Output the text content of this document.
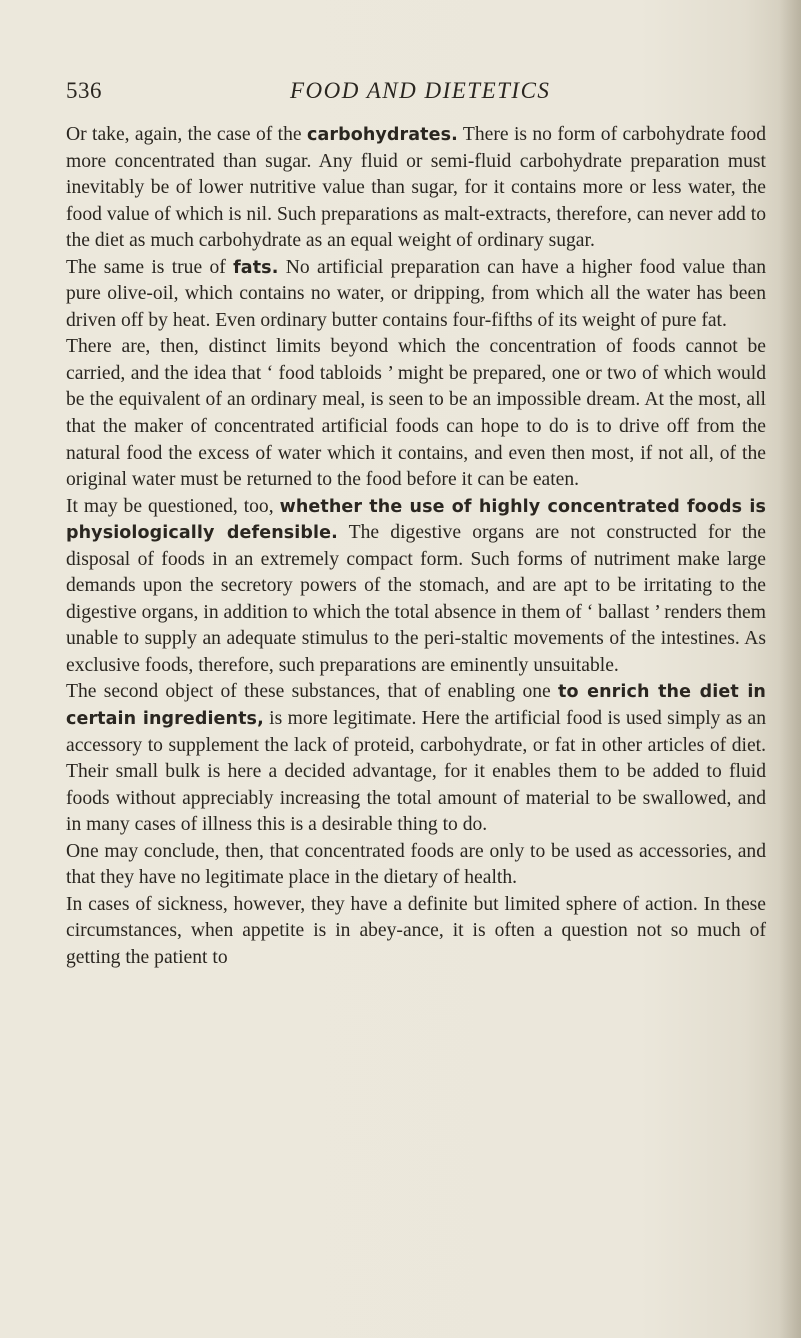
536	FOOD AND DIETETICS

Or take, again, the case of the carbohydrates. There is no form of carbohydrate food more concentrated than sugar. Any fluid or semi-fluid carbohydrate preparation must inevitably be of lower nutritive value than sugar, for it contains more or less water, the food value of which is nil. Such preparations as malt-extracts, therefore, can never add to the diet as much carbohydrate as an equal weight of ordinary sugar.

The same is true of fats. No artificial preparation can have a higher food value than pure olive-oil, which contains no water, or dripping, from which all the water has been driven off by heat. Even ordinary butter contains four-fifths of its weight of pure fat.

There are, then, distinct limits beyond which the concentration of foods cannot be carried, and the idea that ‘ food tabloids ’ might be prepared, one or two of which would be the equivalent of an ordinary meal, is seen to be an impossible dream. At the most, all that the maker of concentrated artificial foods can hope to do is to drive off from the natural food the excess of water which it contains, and even then most, if not all, of the original water must be returned to the food before it can be eaten.

It may be questioned, too, whether the use of highly concentrated foods is physiologically defensible. The digestive organs are not constructed for the disposal of foods in an extremely compact form. Such forms of nutriment make large demands upon the secretory powers of the stomach, and are apt to be irritating to the digestive organs, in addition to which the total absence in them of ‘ ballast ’ renders them unable to supply an adequate stimulus to the peri-staltic movements of the intestines. As exclusive foods, therefore, such preparations are eminently unsuitable.

The second object of these substances, that of enabling one to enrich the diet in certain ingredients, is more legitimate. Here the artificial food is used simply as an accessory to supplement the lack of proteid, carbohydrate, or fat in other articles of diet. Their small bulk is here a decided advantage, for it enables them to be added to fluid foods without appreciably increasing the total amount of material to be swallowed, and in many cases of illness this is a desirable thing to do.

One may conclude, then, that concentrated foods are only to be used as accessories, and that they have no legitimate place in the dietary of health.

In cases of sickness, however, they have a definite but limited sphere of action. In these circumstances, when appetite is in abey-ance, it is often a question not so much of getting the patient to
